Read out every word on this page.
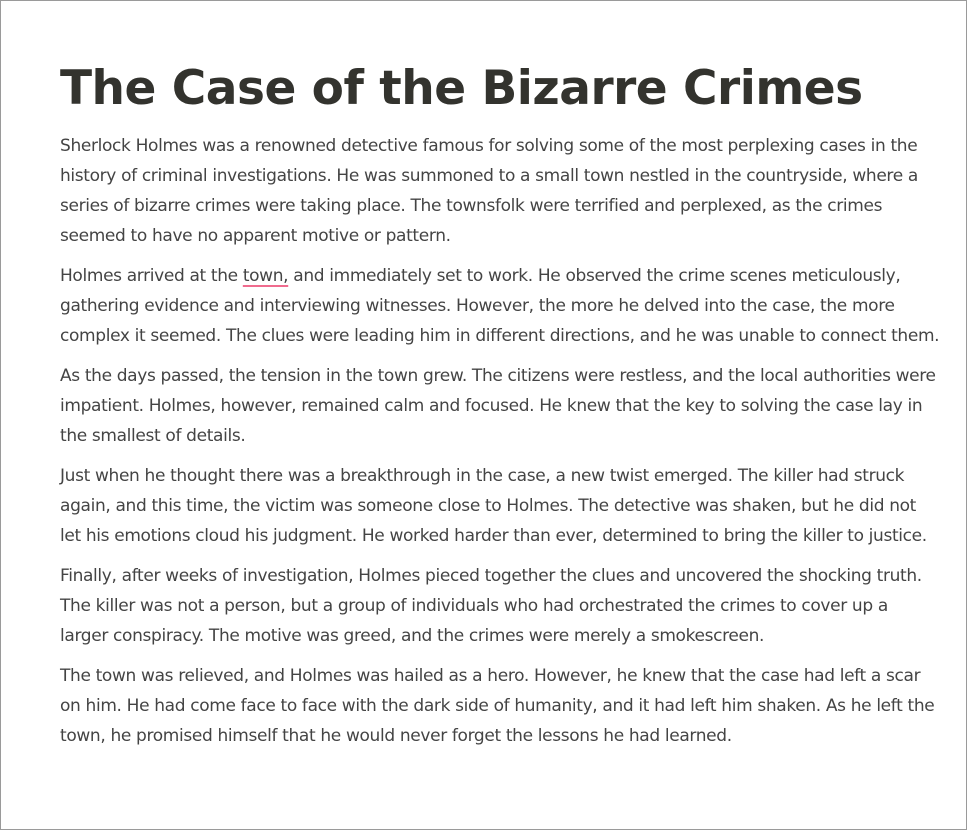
The Case of the Bizarre Crimes

Sherlock Holmes was a renowned detective famous for solving some of the most perplexing cases in the history of criminal investigations. He was summoned to a small town nestled in the countryside, where a series of bizarre crimes were taking place. The townsfolk were terrified and perplexed, as the crimes seemed to have no apparent motive or pattern.

Holmes arrived at the town, and immediately set to work. He observed the crime scenes meticulously, gathering evidence and interviewing witnesses. However, the more he delved into the case, the more complex it seemed. The clues were leading him in different directions, and he was unable to connect them.

As the days passed, the tension in the town grew. The citizens were restless, and the local authorities were impatient. Holmes, however, remained calm and focused. He knew that the key to solving the case lay in the smallest of details.

Just when he thought there was a breakthrough in the case, a new twist emerged. The killer had struck again, and this time, the victim was someone close to Holmes. The detective was shaken, but he did not let his emotions cloud his judgment. He worked harder than ever, determined to bring the killer to justice.

Finally, after weeks of investigation, Holmes pieced together the clues and uncovered the shocking truth. The killer was not a person, but a group of individuals who had orchestrated the crimes to cover up a larger conspiracy. The motive was greed, and the crimes were merely a smokescreen.

The town was relieved, and Holmes was hailed as a hero. However, he knew that the case had left a scar on him. He had come face to face with the dark side of humanity, and it had left him shaken. As he left the town, he promised himself that he would never forget the lessons he had learned.
